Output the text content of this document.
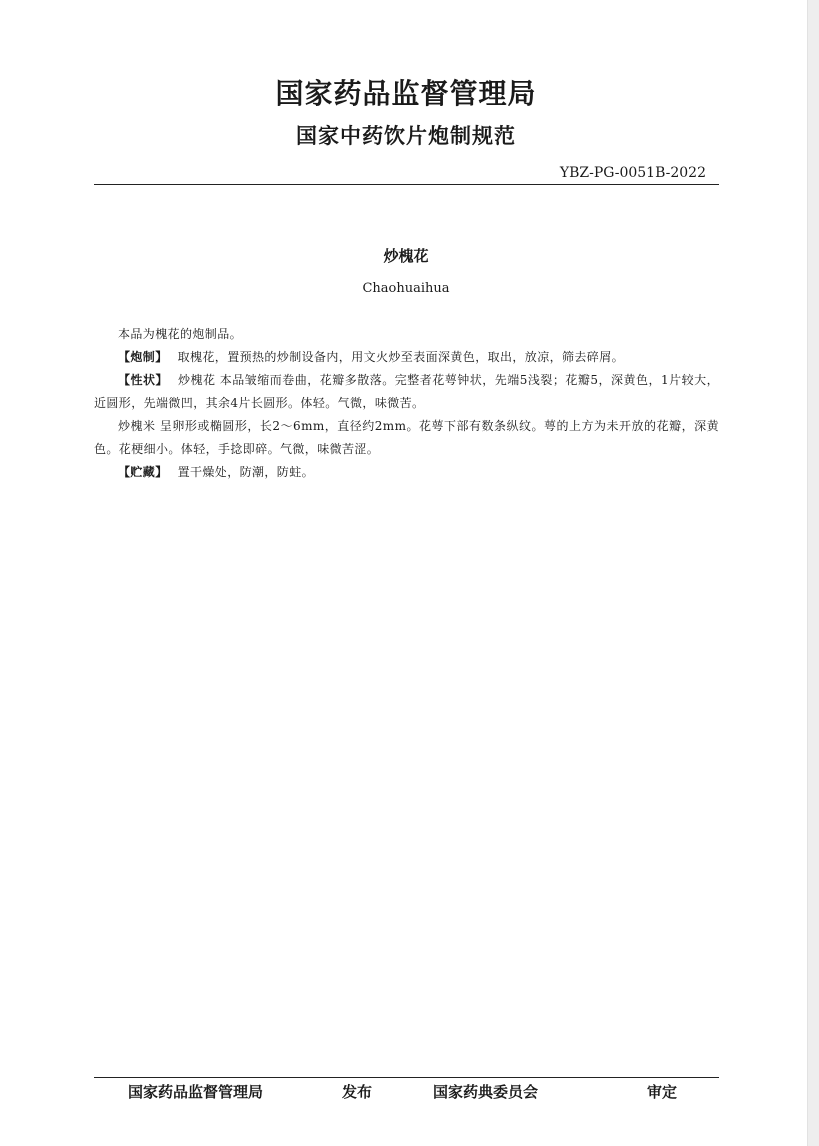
国家药品监督管理局
国家中药饮片炮制规范
YBZ-PG-0051B-2022
炒槐花
Chaohuaihua

本品为槐花的炮制品。

【炮制】 取槐花，置预热的炒制设备内，用文火炒至表面深黄色，取出，放凉，筛去碎屑。

【性状】 炒槐花 本品皱缩而卷曲，花瓣多散落。完整者花萼钟状，先端5浅裂；花瓣5，深黄色，1片较大，近圆形，先端微凹，其余4片长圆形。体轻。气微，味微苦。

炒槐米 呈卵形或椭圆形，长2～6mm，直径约2mm。花萼下部有数条纵纹。萼的上方为未开放的花瓣，深黄色。花梗细小。体轻，手捻即碎。气微，味微苦涩。

【贮藏】 置干燥处，防潮，防蛀。

国家药品监督管理局	发布	国家药典委员会	审定
